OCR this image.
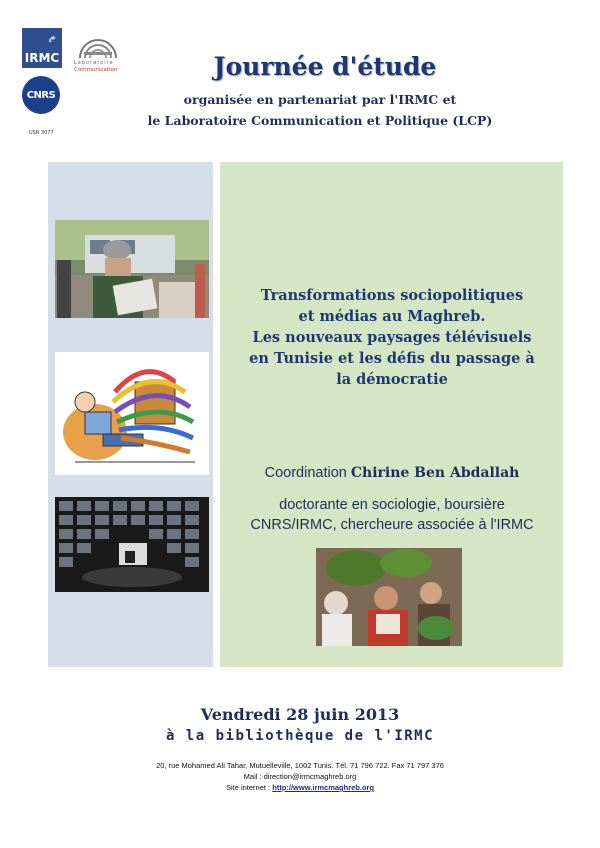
ﻡ
IRMC
CNRS
USR 3077
Laboratoire
Communication	Journée d'étude
organisée en partenariat par l'IRMC et
le Laboratoire Communication et Politique (LCP)
Transformations sociopolitiques
et médias au Maghreb.
Les nouveaux paysages télévisuels
en Tunisie et les défis du passage à
la démocratie
Coordination Chirine Ben Abdallah
doctorante en sociologie, boursière
CNRS/IRMC, chercheure associée à l'IRMC
Vendredi 28 juin 2013
à la bibliothèque de l'IRMC
20, rue Mohamed Ali Tahar, Mutuelleville, 1002 Tunis. Tél. 71 796 722. Fax 71 797 376
Mail : direction@irmcmaghreb.org
Site internet : http://www.irmcmaghreb.org
